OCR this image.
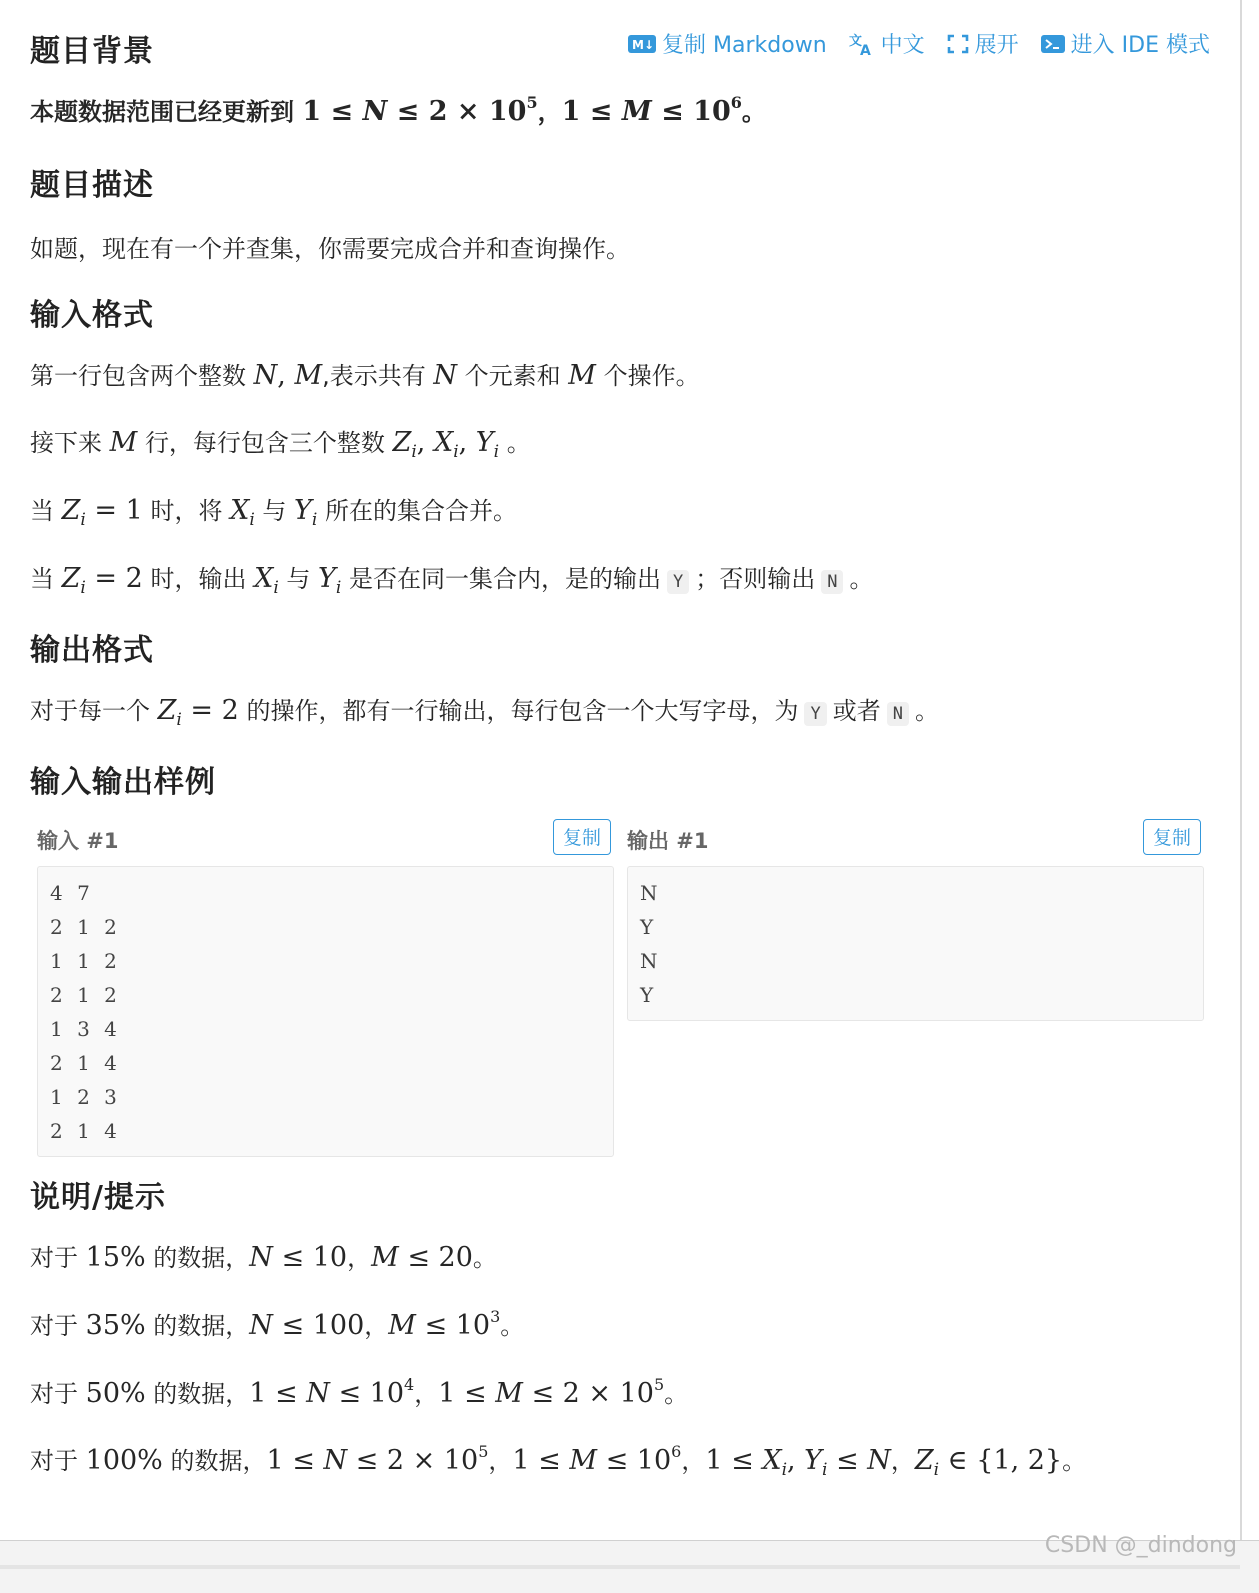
M↓ 复制 Markdown 文
A 中文 展开 进入 IDE 模式
题目背景
本题数据范围已经更新到 $1 \le N \le 2 \times 10^5$，$1 \le M \le 10^6$。
题目描述
如题，现在有一个并查集，你需要完成合并和查询操作。
输入格式
第一行包含两个整数 N, M,表示共有 N 个元素和 M 个操作。
接下来 M 行，每行包含三个整数 $Z_i$, $X_i$, $Y_i$ 。
当 $Z_i = 1$ 时，将 $X_i$ 与 $Y_i$ 所在的集合合并。
当 $Z_i = 2$ 时，输出 $X_i$ 与 $Y_i$ 是否在同一集合内，是的输出 Y ；否则输出 N 。
输出格式
对于每一个 $Z_i = 2$ 的操作，都有一行输出，每行包含一个大写字母，为 Y 或者 N 。
输入输出样例
输入 #1	复制	输出 #1	复制
4 7
2 1 2
1 1 2
2 1 2
1 3 4
2 1 4
1 2 3
2 1 4
N
Y
N
Y
说明/提示
对于 15% 的数据，N ≤ 10，M ≤ 20。
对于 35% 的数据，N ≤ 100，$M \le 10^3$。
对于 50% 的数据，$1 \le N \le 10^4$，$1 \le M \le 2 \times 10^5$。
对于 100% 的数据，$1 \le N \le 2 \times 10^5$，$1 \le M \le 10^6$，$1 \le X_i$, $Y_i \le N$，$Z_i$ ∈ {1, 2}。
CSDN @_dindong
